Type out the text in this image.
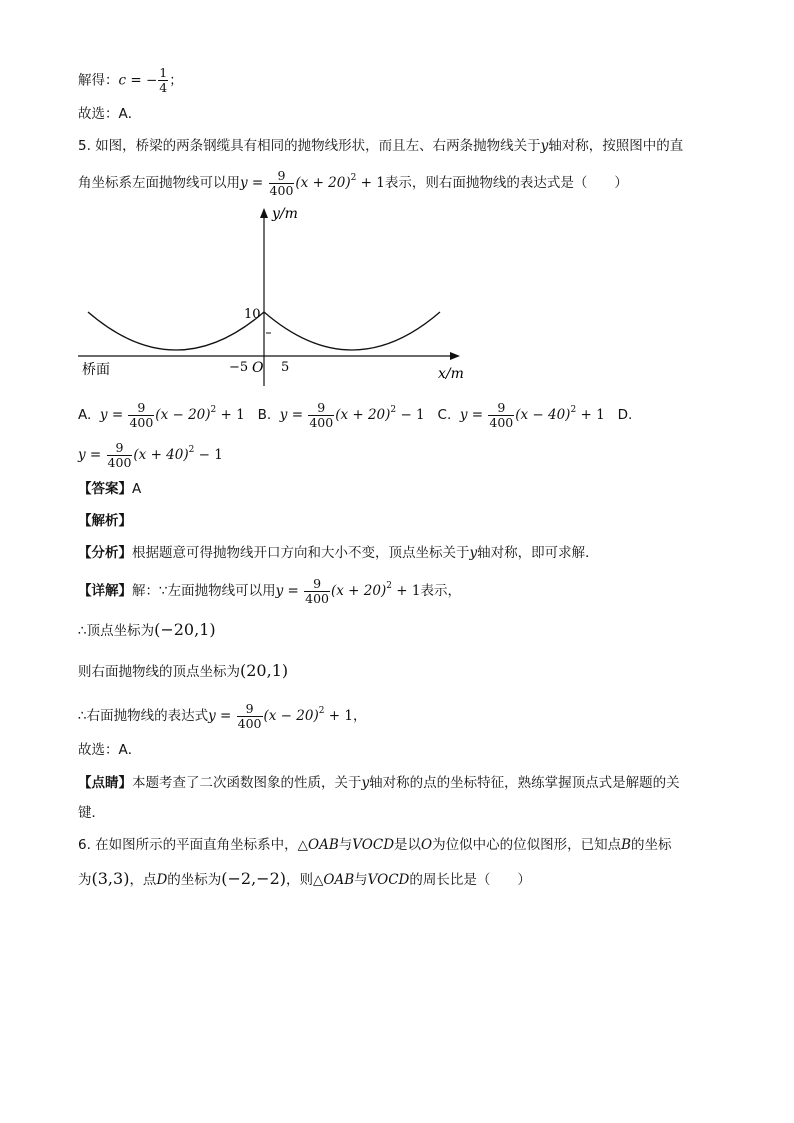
解得：c = − $\frac{1}{4}$ ；
故选：A．
5. 如图，桥梁的两条钢缆具有相同的抛物线形状，而且左、右两条抛物线关于y轴对称，按照图中的直
角坐标系左面抛物线可以用$y = \frac{9}{400} (x + 20)^2 + 1$表示，则右面抛物线的表达式是（　　）
y/m
x/m
10
−5 O 5
桥面
A. $y = \frac{9}{400} (x - 20)^2 + 1$ B. $y = \frac{9}{400} (x + 20)^2 - 1$ C. $y = \frac{9}{400} (x - 40)^2 + 1$ D.
$y = \frac{9}{400} (x + 40)^2 - 1$
【答案】A
【解析】
【分析】根据题意可得抛物线开口方向和大小不变，顶点坐标关于y轴对称，即可求解．
【详解】解：∵左面抛物线可以用$y = \frac{9}{400} (x + 20)^2 + 1$表示，
∴顶点坐标为(−20,1)
则右面抛物线的顶点坐标为(20,1)
∴右面抛物线的表达式$y = \frac{9}{400} (x - 20)^2 + 1$，
故选：A．
【点睛】本题考查了二次函数图象的性质，关于y轴对称的点的坐标特征，熟练掌握顶点式是解题的关
键．
6. 在如图所示的平面直角坐标系中，△OAB与VOCD是以O为位似中心的位似图形，已知点B的坐标
为(3,3)，点D的坐标为(−2,−2)，则△OAB与VOCD的周长比是（　　）
